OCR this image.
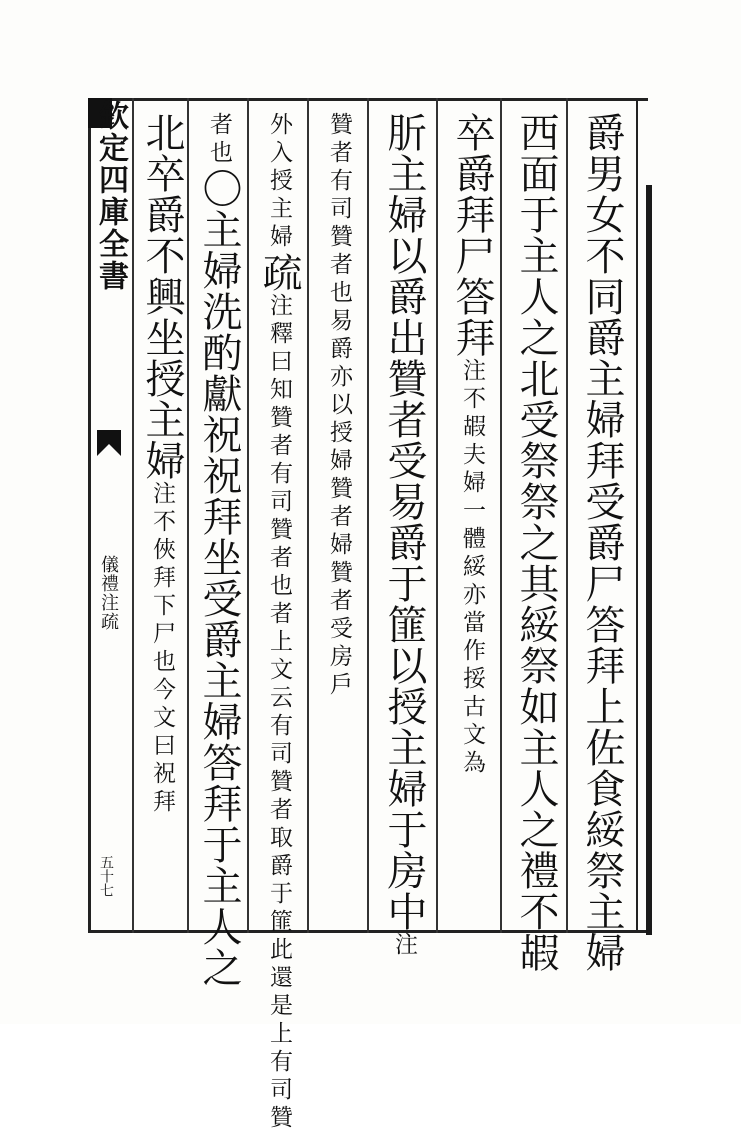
欽定四庫全書
儀禮注疏
五十七	爵男女不同爵主婦拜受爵尸答拜上佐食綏祭主婦
西面于主人之北受祭祭之其綏祭如主人之禮不嘏
卒爵拜尸答拜注不嘏夫婦一體綏亦當作挼古文為
肵主婦以爵出贊者受易爵于篚以授主婦于房中注
贊者有司贊者也易爵亦以授婦贊者婦贊者受房戶
外入授主婦疏注釋曰知贊者有司贊者也者上文云有司贊者取爵于篚此還是上有司贊
者也〇主婦洗酌獻祝祝拜坐受爵主婦答拜于主人之
北卒爵不興坐授主婦注不俠拜下尸也今文曰祝拜
